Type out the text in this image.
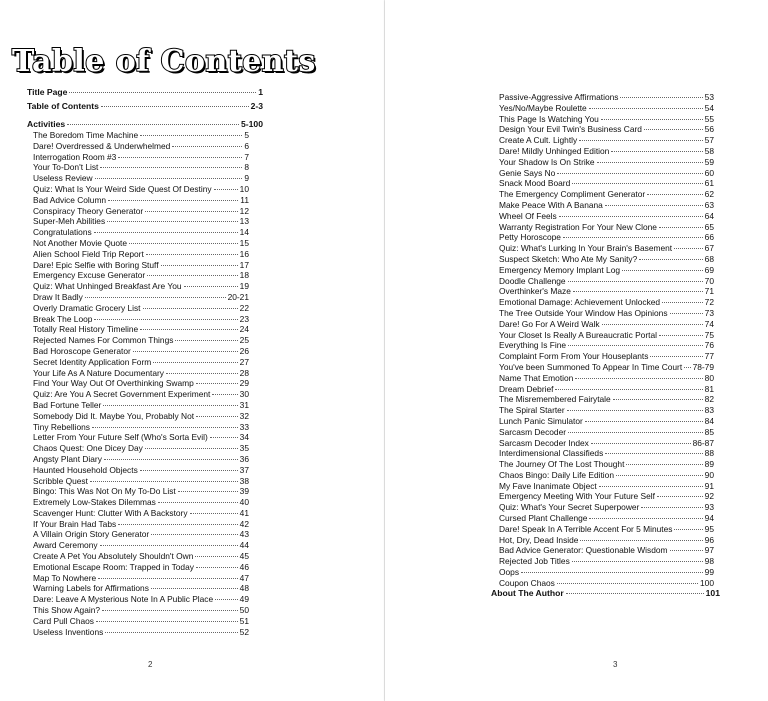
Table of Contents
Title Page	1
Table of Contents	2-3
Activities	5-100
The Boredom Time Machine	5
Dare! Overdressed & Underwhelmed	6
Interrogation Room #3	7
Your To-Don't List	8
Useless Review	9
Quiz: What Is Your Weird Side Quest Of Destiny	10
Bad Advice Column	11
Conspiracy Theory Generator	12
Super-Meh Abilities	13
Congratulations	14
Not Another Movie Quote	15
Alien School Field Trip Report	16
Dare! Epic Selfie with Boring Stuff	17
Emergency Excuse Generator	18
Quiz: What Unhinged Breakfast Are You	19
Draw It Badly	20-21
Overly Dramatic Grocery List	22
Break The Loop	23
Totally Real History Timeline	24
Rejected Names For Common Things	25
Bad Horoscope Generator	26
Secret Identity Application Form	27
Your Life As A Nature Documentary	28
Find Your Way Out Of Overthinking Swamp	29
Quiz: Are You A Secret Government Experiment	30
Bad Fortune Teller	31
Somebody Did It. Maybe You, Probably Not	32
Tiny Rebellions	33
Letter From Your Future Self (Who's Sorta Evil)	34
Chaos Quest: One Dicey Day	35
Angsty Plant Diary	36
Haunted Household Objects	37
Scribble Quest	38
Bingo: This Was Not On My To-Do List	39
Extremely Low-Stakes Dilemmas	40
Scavenger Hunt: Clutter With A Backstory	41
If Your Brain Had Tabs	42
A Villain Origin Story Generator	43
Award Ceremony	44
Create A Pet You Absolutely Shouldn't Own	45
Emotional Escape Room: Trapped in Today	46
Map To Nowhere	47
Warning Labels for Affirmations	48
Dare: Leave A Mysterious Note In A Public Place	49
This Show Again?	50
Card Pull Chaos	51
Useless Inventions	52
2	3
Passive-Aggressive Affirmations	53
Yes/No/Maybe Roulette	54
This Page Is Watching You	55
Design Your Evil Twin's Business Card	56
Create A Cult. Lightly	57
Dare! Mildly Unhinged Edition	58
Your Shadow Is On Strike	59
Genie Says No	60
Snack Mood Board	61
The Emergency Compliment Generator	62
Make Peace With A Banana	63
Wheel Of Feels	64
Warranty Registration For Your New Clone	65
Petty Horoscope	66
Quiz: What's Lurking In Your Brain's Basement	67
Suspect Sketch: Who Ate My Sanity?	68
Emergency Memory Implant Log	69
Doodle Challenge	70
Overthinker's Maze	71
Emotional Damage: Achievement Unlocked	72
The Tree Outside Your Window Has Opinions	73
Dare! Go For A Weird Walk	74
Your Closet Is Really A Bureaucratic Portal	75
Everything Is Fine	76
Complaint Form From Your Houseplants	77
You've been Summoned To Appear In Time Court 78-79
Name That Emotion	80
Dream Debrief	81
The Misremembered Fairytale	82
The Spiral Starter	83
Lunch Panic Simulator	84
Sarcasm Decoder	85
Sarcasm Decoder Index	86-87
Interdimensional Classifieds	88
The Journey Of The Lost Thought	89
Chaos Bingo: Daily Life Edition	90
My Fave Inanimate Object	91
Emergency Meeting With Your Future Self	92
Quiz: What's Your Secret Superpower	93
Cursed Plant Challenge	94
Dare! Speak In A Terrible Accent For 5 Minutes	95
Hot, Dry, Dead Inside	96
Bad Advice Generator: Questionable Wisdom	97
Rejected Job Titles	98
Oops	99
Coupon Chaos	100
About The Author	101
